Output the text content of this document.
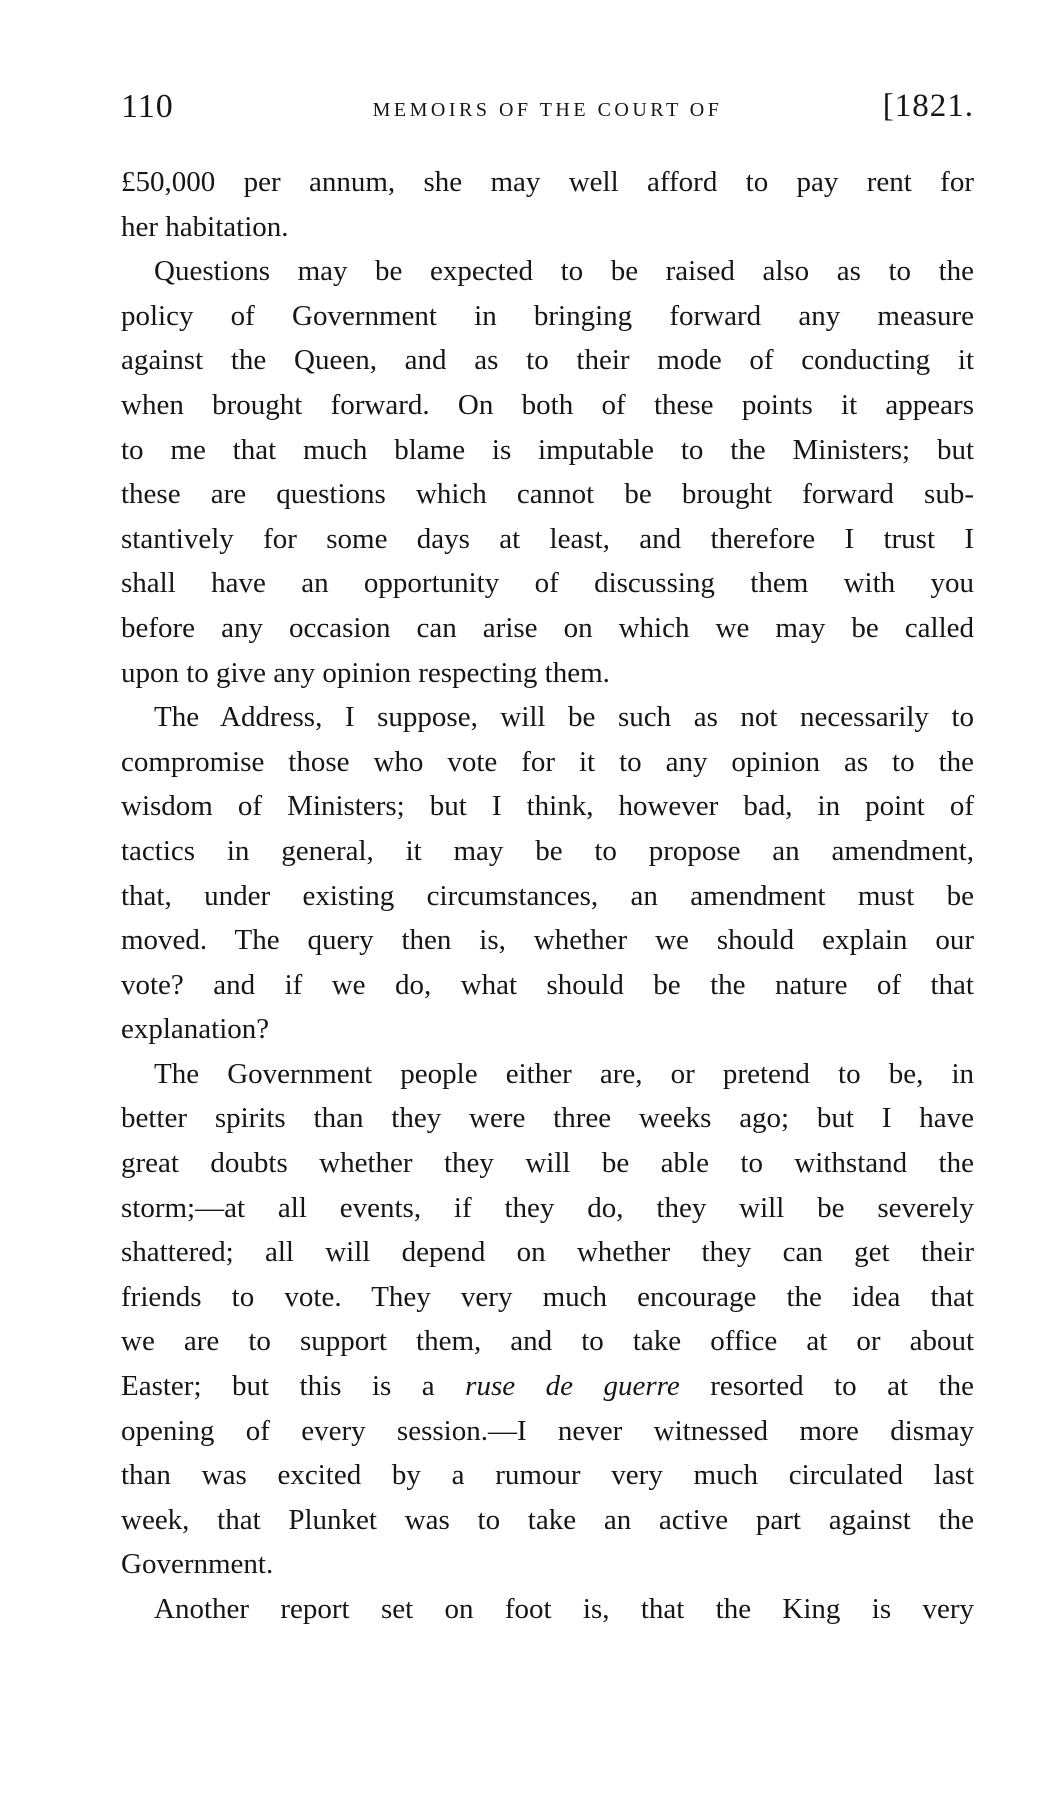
110	MEMOIRS OF THE COURT OF	[1821.
£50,000 per annum, she may well afford to pay rent for
her habitation.
Questions may be expected to be raised also as to the
policy of Government in bringing forward any measure
against the Queen, and as to their mode of conducting it
when brought forward. On both of these points it appears
to me that much blame is imputable to the Ministers; but
these are questions which cannot be brought forward sub-
stantively for some days at least, and therefore I trust I
shall have an opportunity of discussing them with you
before any occasion can arise on which we may be called
upon to give any opinion respecting them.
The Address, I suppose, will be such as not necessarily to
compromise those who vote for it to any opinion as to the
wisdom of Ministers; but I think, however bad, in point of
tactics in general, it may be to propose an amendment,
that, under existing circumstances, an amendment must be
moved. The query then is, whether we should explain our
vote? and if we do, what should be the nature of that
explanation?
The Government people either are, or pretend to be, in
better spirits than they were three weeks ago; but I have
great doubts whether they will be able to withstand the
storm;—at all events, if they do, they will be severely
shattered; all will depend on whether they can get their
friends to vote. They very much encourage the idea that
we are to support them, and to take office at or about
Easter; but this is a ruse de guerre resorted to at the
opening of every session.—I never witnessed more dismay
than was excited by a rumour very much circulated last
week, that Plunket was to take an active part against the
Government.
Another report set on foot is, that the King is very
